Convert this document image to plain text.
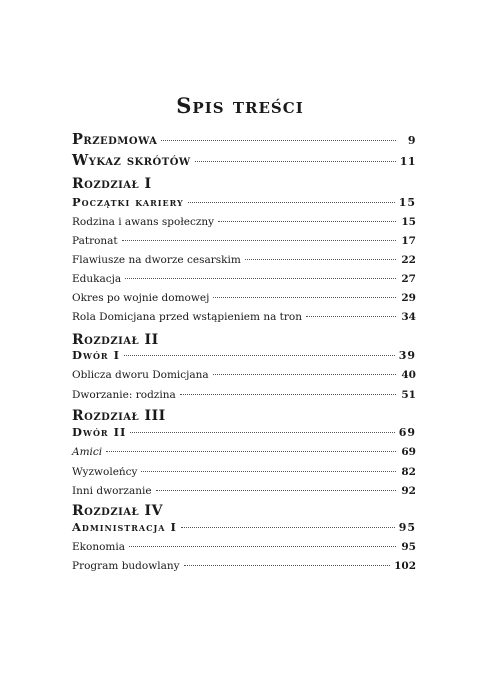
Spis treści
Przedmowa	9
Wykaz skrótów	11
Rozdział I
Początki kariery	15
Rodzina i awans społeczny	15
Patronat	17
Flawiusze na dworze cesarskim	22
Edukacja	27
Okres po wojnie domowej	29
Rola Domicjana przed wstąpieniem na tron	34
Rozdział II
Dwór I	39
Oblicza dworu Domicjana	40
Dworzanie: rodzina	51
Rozdział III
Dwór II	69
Amici	69
Wyzwoleńcy	82
Inni dworzanie	92
Rozdział IV
Administracja I	95
Ekonomia	95
Program budowlany	102
